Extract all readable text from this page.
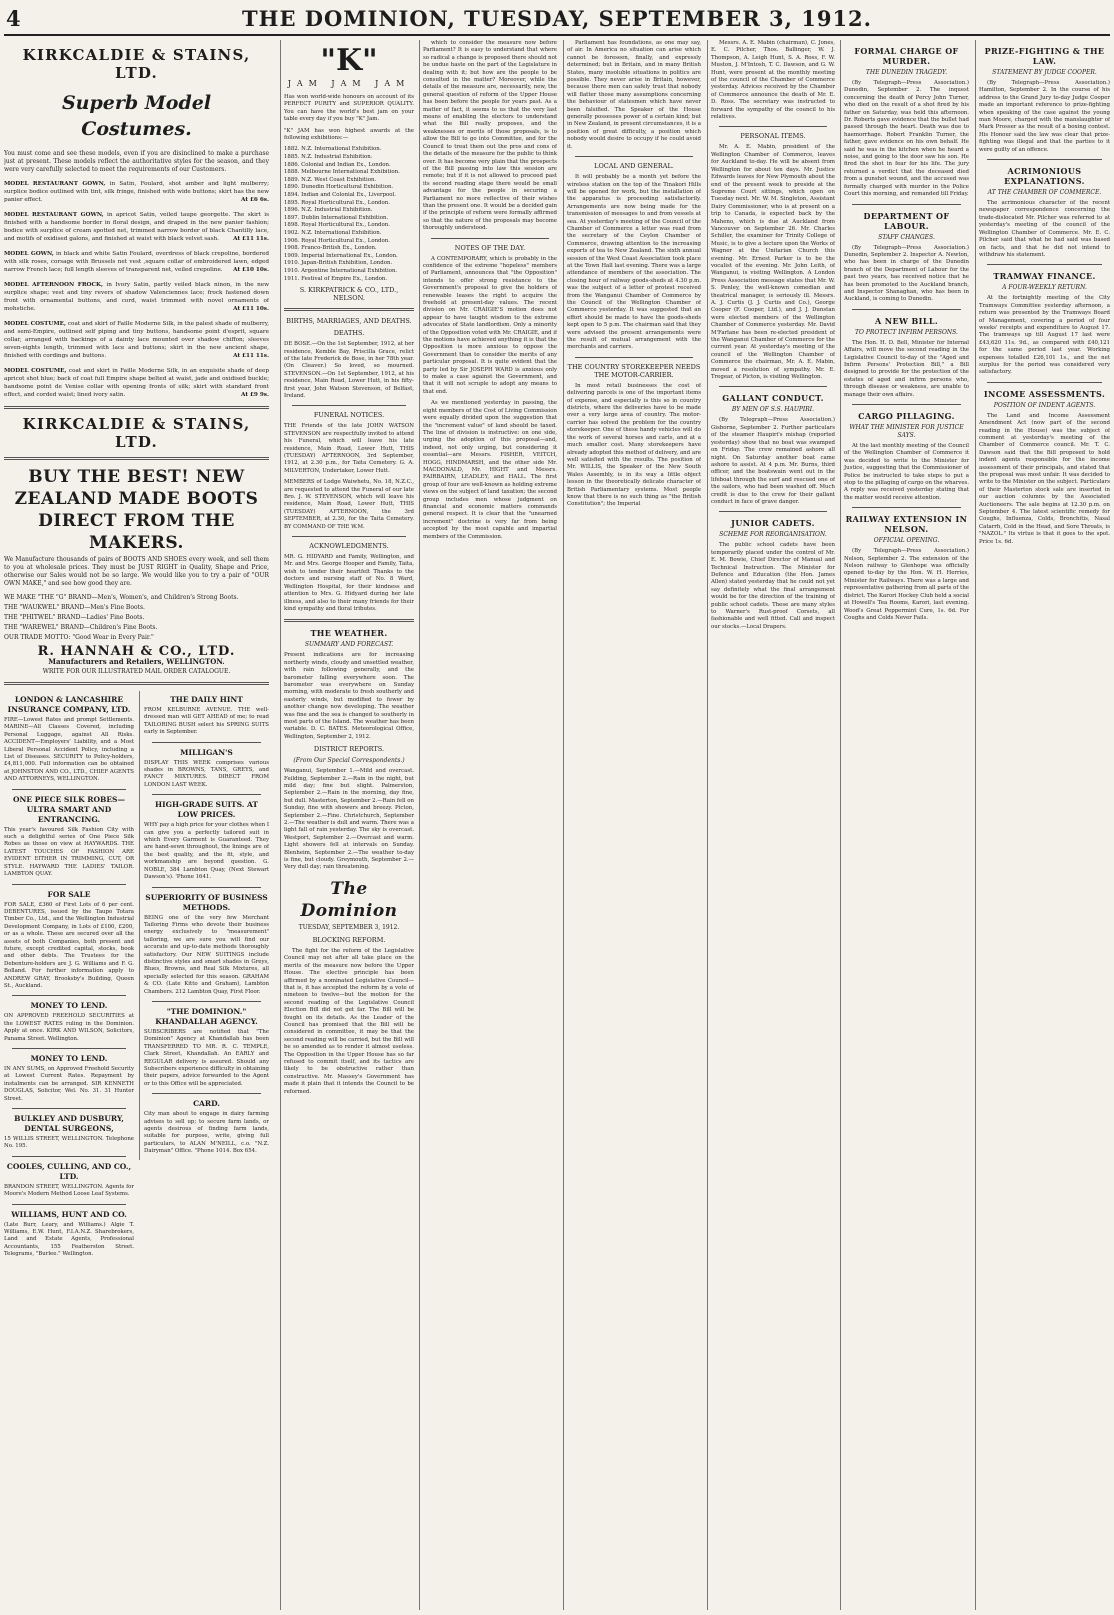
4	THE DOMINION, TUESDAY, SEPTEMBER 3, 1912.
KIRKCALDIE & STAINS, LTD.
Superb Model Costumes.
You must come and see these models, even if you are disinclined to make a purchase just at present. These models reflect the authoritative styles for the season, and they were very carefully selected to meet the requirements of our Customers.
MODEL RESTAURANT GOWN, in Satin, Foulard, shot amber and light mulberry; surplice bodice outlined with tint, silk fringe, finished with wide buttons; skirt has the new panier effect.	At £6 6s.
MODEL RESTAURANT GOWN, in apricot Satin, veiled taupe georgette. The skirt is finished with a handsome border in floral design, and draped in the new panier fashion; bodice with surplice of cream spotted net, trimmed narrow border of black Chantilly lace, and motifs of oxidised galons, and finished at waist with black velvet sash.	At £11 11s.
MODEL GOWN, in black and white Satin Foulard, overdress of black crepoline, bordered with silk roses, corsage with Brussels net vest ,square collar of embroidered lawn, edged narrow French lace; full length sleeves of transparent net, veiled crepoline.	At £10 10s.
MODEL AFTERNOON FROCK, in Ivory Satin, partly veiled black ninon, in the new surplice shape; vest and tiny revers of shadow Valenciennes lace; frock fastened down front with ornamental buttons, and cord, waist trimmed with novel ornaments of mohstiche.	At £11 10s.
MODEL COSTUME, coat and skirt of Faille Moderne Silk, in the palest shade of mulberry, and semi-Empire, outlined self piping and tiny buttons, handsome point d'esprit, square collar, arranged with backings of a dainty lace mounted over shadow chiffon; sleeves seven-eights length, trimmed with lace and buttons; skirt in the new ancient shape, finished with cordings and buttons.	At £11 11s.
MODEL COSTUME, coat and skirt in Faille Moderne Silk, in an exquisite shade of deep apricot shot blue; back of coat full Empire shape belted at waist, jade and oxidised buckle; handsome point de Venise collar with opening fronts of silk; skirt with standard front effect, and corded waist; lined ivory satin.	At £9 9s.
KIRKCALDIE & STAINS, LTD.
BUY THE BEST! NEW ZEALAND MADE BOOTS DIRECT FROM THE MAKERS.
We Manufacture thousands of pairs of BOOTS AND SHOES every week, and sell them to you at wholesale prices. They must be JUST RIGHT in Quality, Shape and Price, otherwise our Sales would not be so large. We would like you to try a pair of "OUR OWN MAKE," and see how good they are.
WE MAKE "THE "G" BRAND—Men's, Women's, and Children's Strong Boots.
THE "WAUKWEL" BRAND—Men's Fine Boots.
THE "PHITWEL" BRAND—Ladies' Fine Boots.
THE "WAREWEL" BRAND—Children's Fine Boots.
OUR TRADE MOTTO: "Good Wear in Every Pair."
R. HANNAH & CO., LTD.
Manufacturers and Retailers, WELLINGTON.
WRITE FOR OUR ILLUSTRATED MAIL ORDER CATALOGUE.
LONDON & LANCASHIRE INSURANCE COMPANY, LTD.
FIRE—Lowest Rates and prompt Settlements. MARINE—All Classes Covered, including Personal Luggage, against All Risks. ACCIDENT—Employers' Liability, and a Most Liberal Personal Accident Policy, including a List of Diseases. SECURITY to Policy-holders, £4,811,000. Full information can be obtained at JOHNSTON AND CO., LTD., CHIEF AGENTS AND ATTORNEYS, WELLINGTON.
ONE PIECE SILK ROBES— ULTRA SMART AND ENTRANCING.
This year's favoured Silk Fashion City with such a delightful series of One Piece Silk Robes as those on view at HAYWARDS. THE LATEST TOUCHES OF FASHION ARE EVIDENT EITHER IN TRIMMING, CUT, OR STYLE. HAYWARD THE LADIES' TAILOR. LAMBTON QUAY.
FOR SALE
FOR SALE, £360 of First Lots of 6 per cent. DEBENTURES, issued by the Taupo Totara Timber Co., Ltd., and the Wellington Industrial Development Company, in Lots of £100, £200, or as a whole. These are secured over all the assets of both Companies, both present and future, except credited capital, stocks, book and other debts. The Trustees for the Debenture-holders are J. G. Williams and F. G. Bolland. For further information apply to ANDREW GRAY, Brooksby's Building, Queen St., Auckland.
MONEY TO LEND.
ON APPROVED FREEHOLD SECURITIES at the LOWEST RATES ruling in the Dominion. Apply at once. KIRK AND WILSON, Solicitors, Panama Street. Wellington.
MONEY TO LEND.
IN ANY SUMS, on Approved Freehold Security at Lowest Current Rates. Repayment by instalments can be arranged. SIR KENNETH DOUGLAS, Solicitor, Wel. No. 31. 31 Hunter Street.
BULKLEY AND DUSBURY, DENTAL SURGEONS,
15 WILLIS STREET, WELLINGTON. Telephone No. 195.
COOLES, CULLING, AND CO., LTD.
BRANDON STREET, WELLINGTON. Agents for Moore's Modern Method Loose Leaf Systems.
WILLIAMS, HUNT AND CO.
(Late Burr, Leary, and Williams.) Algie T. Williams, E.W. Hunt, F.I.A.N.Z. Sharebrokers, Land and Estate Agents, Professional Accountants, 155 Featherston Street. Telegrams, "Burlee." Wellington.
THE DAILY HINT
FROM KELBURNE AVENUE. THE well-dressed man will GET AHEAD of me; to read TAILORING BUSH select his SPRING SUITS early in September.
MILLIGAN'S
DISPLAY THIS WEEK comprises various shades in BROWNS, TANS, GREYS, and FANCY MIXTURES. DIRECT FROM LONDON LAST WEEK.
HIGH-GRADE SUITS. AT LOW PRICES.
WHY pay a high price for your clothes when I can give you a perfectly tailored suit in which Every Garment is Guaranteed. They are hand-sewn throughout, the linings are of the best quality, and the fit, style, and workmanship are beyond question. G. NOBLE, 384 Lambton Quay, (Next Stewart Dawson's). 'Phone 1641.
SUPERIORITY OF BUSINESS METHODS.
BEING one of the very few Merchant Tailoring Firms who devote their business energy exclusively to "measurement" tailoring, we are sure you will find our accurate and up-to-date methods thoroughly satisfactory. Our NEW SUITINGS include distinctive styles and smart shades in Greys, Blues, Browns, and Real Silk Mixtures, all specially selected for this season. GRAHAM & CO. (Late Kitto and Graham), Lambton Chambers. 212 Lambton Quay, First Floor.
"THE DOMINION." KHANDALLAH AGENCY.
SUBSCRIBERS are notified that "The Dominion" Agency at Khandallah has been TRANSFERRED TO MR. R. C. TEMPLE, Clark Street, Khandallah. An EARLY and REGULAR delivery is assured. Should any Subscribers experience difficulty in obtaining their papers, advice forwarded to the Agent or to this Office will be appreciated.
CARD.
City man about to engage in dairy farming advises to sell up; to secure farm lands, or agents desirous of finding farm lands, suitable for purpose, write, giving full particulars, to ALAN M'NEILL, c.o. "N.Z. Dairyman" Office. "Phone 1014. Box 654.
"K"
JAM JAM JAM
Has won world-wide honours on account of its PERFECT PURITY and SUPERIOR QUALITY. You can have the world's best jam on your table every day if you buy "K" Jam.
"K" JAM has won highest awards at the following exhibitions:—
1882. N.Z. International Exhibition.
1885. N.Z. Industrial Exhibition.
1886. Colonial and Indian Ex., London.
1888. Melbourne International Exhibition.
1889. N.Z. West Coast Exhibition.
1890. Dunedin Horticultural Exhibition.
1894. Indian and Colonial Ex., Liverpool.
1895. Royal Horticultural Ex., London.
1896. N.Z. Industrial Exhibition.
1897. Dublin International Exhibition.
1898. Royal Horticultural Ex., London.
1902. N.Z. International Exhibition.
1906. Royal Horticultural Ex., London.
1908. Franco-British Ex., London.
1909. Imperial International Ex., London.
1910. Japan-British Exhibition, London.
1910. Argentine International Exhibition.
1911. Festival of Empire Ex., London.
S. KIRKPATRICK & CO., LTD., NELSON.
BIRTHS, MARRIAGES, AND DEATHS.
DEATHS.
DE BOSE.—On the 1st September, 1912, at her residence, Kemble Bay, Priscilla Grace, relict of the late Frederick de Bose, in her 78th year. (On Cleaver.) So loved, so mourned. STEVENSON.—On 1st September, 1912, at his residence, Main Road, Lower Hutt, in his fifty-first year, John Watson Stevenson, of Belfast, Ireland.
FUNERAL NOTICES.
THE Friends of the late JOHN WATSON STEVENSON are respectfully invited to attend his Funeral, which will leave his late residence, Main Road, Lower Hutt, THIS (TUESDAY) AFTERNOON, 3rd September, 1912, at 2.30 p.m., for Taita Cemetery. G. A. MILVERTON, Undertaker, Lower Hutt.
MEMBERS of Lodge Waiwhetu, No. 18, N.Z.C., are requested to attend the Funeral of our late Bro. J. W. STEVENSON, which will leave his residence, Main Road, Lower Hutt, THIS (TUESDAY) AFTERNOON, the 3rd SEPTEMBER, at 2.30, for the Taita Cemetery. BY COMMAND OF THE W.M.
ACKNOWLEDGMENTS.
MR. G. HIDYARD and Family, Wellington, and Mr. and Mrs. George Hooper and Family, Taita, wish to tender their heartfelt Thanks to the doctors and nursing staff of No. 8 Ward, Wellington Hospital, for their kindness and attention to Mrs. G. Hidyard during her late illness, and also to their many friends for their kind sympathy and floral tributes.
THE WEATHER.
SUMMARY AND FORECAST.
Present indications are for increasing northerly winds, cloudy and unsettled weather, with rain following generally, and the barometer falling everywhere soon. The barometer was everywhere on Sunday morning, with moderate to fresh southerly and easterly winds, but modified to fewer by another change now developing. The weather was fine and the sea is changed to southerly in most parts of the Island. The weather has been variable. D. C. BATES. Meteorological Office, Wellington, September 2, 1912.
DISTRICT REPORTS.
(From Our Special Correspondents.)
Wanganui, September 1.—Mild and overcast. Feilding, September 2.—Rain in the night, but mild day; fine but slight. Palmerston, September 2.—Rain in the morning, day fine, but dull. Masterton, September 2.—Rain fell on Sunday, fine with showers and breezy. Picton, September 2.—Fine. Christchurch, September 2.—The weather is dull and warm. There was a light fall of rain yesterday. The sky is overcast. Westport, September 2.—Overcast and warm. Light showers fell at intervals on Sunday. Blenheim, September 2.—The weather to-day is fine, but cloudy. Greymouth, September 2.—Very dull day; rain threatening.
The Dominion
TUESDAY, SEPTEMBER 3, 1912.
BLOCKING REFORM.
The fight for the reform of the Legislative Council may not after all take place on the merits of the measure now before the Upper House. The elective principle has been affirmed by a nominated Legislative Council—that is, it has accepted the reform by a vote of nineteen to twelve—but the motion for the second reading of the Legislative Council Election Bill did not get far. The Bill will be fought on its details. As the Leader of the Council has promised that the Bill will be considered in committee, it may be that the second reading will be carried, but the Bill will be so amended as to render it almost useless. The Opposition in the Upper House has so far refused to commit itself, and its tactics are likely to be obstructive rather than constructive. Mr. Massey's Government has made it plain that it intends the Council to be reformed.
which to consider the measure now before Parliament? It is easy to understand that where so radical a change is proposed there should not be undue haste on the part of the Legislature in dealing with it; but how are the people to be consulted in the matter? Moreover, while the details of the measure are, necessarily, new, the general question of reform of the Upper House has been before the people for years past. As a matter of fact, it seems to us that the very last means of enabling the electors to understand what the Bill really proposes, and the weaknesses or merits of those proposals, is to allow the Bill to go into Committee, and for the Council to treat them out the pros and cons of the details of the measure for the public to think over. It has become very plain that the prospects of the Bill passing into law this session are remote; but if it is not allowed to proceed past its second reading stage there would be small advantage for the people in securing a Parliament no more reflective of their wishes than the present one. It would be a decided gain if the principle of reform were formally affirmed so that the nature of the proposals may become thoroughly understood.
NOTES OF THE DAY.
A CONTEMPORARY, which is probably in the confidence of the extreme "hopeless" members of Parliament, announces that "the Opposition" intends to offer strong resistance to the Government's proposal to give the holders of renewable leases the right to acquire the freehold at present-day values. The recent division on Mr. CRAIGIE'S motion does not appear to have taught wisdom to the extreme advocates of State landlordism. Only a minority of the Opposition voted with Mr. CRAIGIE, and if the motions have achieved anything it is that the Opposition is more anxious to oppose the Government than to consider the merits of any particular proposal. It is quite evident that the party led by Sir JOSEPH WARD is anxious only to make a case against the Government, and that it will not scruple to adopt any means to that end.
As we mentioned yesterday in passing, the eight members of the Cost of Living Commission were equally divided upon the suggestion that the "increment value" of land should be taxed. The line of division is instructive: on one side, urging the adoption of this proposal—and, indeed, not only urging, but considering it essential—are Messrs. FISHER, VEITCH, HOGG, HINDMARSH, and the other side Mr. MACDONALD, Mr. HIGHT and Messrs. FAIRBAIRN, LEADLEY, and HALL. The first group of four are well-known as holding extreme views on the subject of land taxation; the second group includes men whose judgment on financial and economic matters commands general respect. It is clear that the "unearned increment" doctrine is very far from being accepted by the most capable and impartial members of the Commission.
Parliament has foundations, as one may say, of air. In America no situation can arise which cannot be foreseen, finally, and expressly determined; but in Britain, and in many British States, many insoluble situations in politics are possible. They never arise in Britain, however, because there men can safely trust that nobody will flatter those many assumptions concerning the behaviour of statesmen which have never been falsified. The Speaker of the House generally possesses power of a certain kind; but in New Zealand, in present circumstances, it is a position of great difficulty, a position which nobody would desire to occupy if he could avoid it.
LOCAL AND GENERAL.
It will probably be a month yet before the wireless station on the top of the Tinakori Hills will be opened for work, but the installation of the apparatus is proceeding satisfactorily. Arrangements are now being made for the transmission of messages to and from vessels at sea. At yesterday's meeting of the Council of the Chamber of Commerce a letter was read from the secretary of the Ceylon Chamber of Commerce, drawing attention to the increasing exports of tea to New Zealand. The sixth annual session of the West Coast Association took place at the Town Hall last evening. There was a large attendance of members of the association. The closing hour of railway goods-sheds at 4.30 p.m. was the subject of a letter of protest received from the Wanganui Chamber of Commerce by the Council of the Wellington Chamber of Commerce yesterday. It was suggested that an effort should be made to have the goods-sheds kept open to 5 p.m. The chairman said that they were advised the present arrangements were the result of mutual arrangement with the merchants and carriers.
THE COUNTRY STOREKEEPER NEEDS THE MOTOR-CARRIER.
In most retail businesses the cost of delivering parcels is one of the important items of expense, and especially is this so in country districts, where the deliveries have to be made over a very large area of country. The motor-carrier has solved the problem for the country storekeeper. One of these handy vehicles will do the work of several horses and carts, and at a much smaller cost. Many storekeepers have already adopted this method of delivery, and are well satisfied with the results. The position of Mr. WILLIS, the Speaker of the New South Wales Assembly, is in its way a little object lesson in the theoretically delicate character of British Parliamentary systems. Most people know that there is no such thing as "the British Constitution"; the Imperial
Messrs. A. E. Mabin (chairman), C. Jones, E. C. Pilcher, Thos. Ballinger, W. J. Thompson, A. Leigh Hunt, S. A. Ross, F. W. Muston, J. M'Intosh, T. C. Dawson, and G. W. Hunt, were present at the monthly meeting of the council of the Chamber of Commerce yesterday. Advices received by the Chamber of Commerce announce the death of Mr. E. D. Ross. The secretary was instructed to forward the sympathy of the council to his relatives.
PERSONAL ITEMS.
Mr. A. E. Mabin, president of the Wellington Chamber of Commerce, leaves for Auckland to-day. He will be absent from Wellington for about ten days. Mr. Justice Edwards leaves for New Plymouth about the end of the present week to preside at the Supreme Court sittings, which open on Tuesday next. Mr. W. M. Singleton, Assistant Dairy Commissioner, who is at present on a trip to Canada, is expected back by the Maheno, which is due at Auckland from Vancouver on September 26. Mr. Charles Schiller, the examiner for Trinity College of Music, is to give a lecture upon the Works of Wagner at the Unitarian Church this evening. Mr. Ernest Parker is to be the vocalist of the evening. Mr. John Leith, of Wanganui, is visiting Wellington. A London Press Association message states that Mr. W. S. Penley, the well-known comedian and theatrical manager, is seriously ill. Messrs. A. J. Curtis (J. J. Curtis and Co.), George Cooper (F. Cooper, Ltd.), and J. J. Dunstan were elected members of the Wellington Chamber of Commerce yesterday. Mr. David M'Farlane has been re-elected president of the Wanganui Chamber of Commerce for the current year. At yesterday's meeting of the council of the Wellington Chamber of Commerce the chairman, Mr. A. E. Mabin, moved a resolution of sympathy. Mr. E. Tregear, of Picton, is visiting Wellington.
GALLANT CONDUCT.
BY MEN OF S.S. HAUPIRI.
(By Telegraph—Press Association.) Gisborne, September 2. Further particulars of the steamer Haupiri's mishap (reported yesterday) show that no boat was swamped on Friday. The crew remained ashore all night. On Saturday another boat came ashore to assist. At 4 p.m. Mr. Burns, third officer, and the boatswain went out in the lifeboat through the surf and rescued one of the sailors, who had been washed off. Much credit is due to the crew for their gallant conduct in face of grave danger.
JUNIOR CADETS.
SCHEME FOR REORGANISATION.
The public school cadets have been temporarily placed under the control of Mr. E. M. Bowie, Chief Director of Manual and Technical Instruction. The Minister for Defence and Education (the Hon. James Allen) stated yesterday that he could not yet say definitely what the final arrangement would be for the direction of the training of public school cadets. These are many styles to Warner's Rust-proof Corsets, all fashionable and well fitted. Call and inspect our stocks.—Local Drapers.
FORMAL CHARGE OF MURDER.
THE DUNEDIN TRAGEDY.
(By Telegraph—Press Association.) Dunedin, September 2. The inquest concerning the death of Percy John Turner, who died on the result of a shot fired by his father on Saturday, was held this afternoon. Dr. Roberts gave evidence that the bullet had passed through the heart. Death was due to haemorrhage. Robert Franklin Turner, the father, gave evidence on his own behalf. He said he was in the kitchen when he heard a noise, and going to the door saw his son. He fired the shot in fear for his life. The jury returned a verdict that the deceased died from a gunshot wound, and the accused was formally charged with murder in the Police Court this morning, and remanded till Friday.
DEPARTMENT OF LABOUR.
STAFF CHANGES.
(By Telegraph—Press Association.) Dunedin, September 2. Inspector A. Newton, who has been in charge of the Dunedin branch of the Department of Labour for the past two years, has received notice that he has been promoted to the Auckland branch, and Inspector Shanaghan, who has been in Auckland, is coming to Dunedin.
A NEW BILL.
TO PROTECT INFIRM PERSONS.
The Hon. H. D. Bell, Minister for Internal Affairs, will move the second reading in the Legislative Council to-day of the "Aged and Infirm Persons' Protection Bill," a Bill designed to provide for the protection of the estates of aged and infirm persons who, through disease or weakness, are unable to manage their own affairs.
CARGO PILLAGING.
WHAT THE MINISTER FOR JUSTICE SAYS.
At the last monthly meeting of the Council of the Wellington Chamber of Commerce it was decided to write to the Minister for Justice, suggesting that the Commissioner of Police be instructed to take steps to put a stop to the pillaging of cargo on the wharves. A reply was received yesterday stating that the matter would receive attention.
RAILWAY EXTENSION IN NELSON.
OFFICIAL OPENING.
(By Telegraph—Press Association.) Nelson, September 2. The extension of the Nelson railway to Glenhope was officially opened to-day by the Hon. W. H. Herries, Minister for Railways. There was a large and representative gathering from all parts of the district. The Karori Hockey Club held a social at Howell's Tea Rooms, Karori, last evening. Wood's Great Peppermint Cure, 1s. 6d. For Coughs and Colds Never Fails.
PRIZE-FIGHTING & THE LAW.
STATEMENT BY JUDGE COOPER.
(By Telegraph—Press Association.) Hamilton, September 2. In the course of his address to the Grand Jury to-day Judge Cooper made an important reference to prize-fighting when speaking of the case against the young man Moore, charged with the manslaughter of Mark Prosser as the result of a boxing contest. His Honour said the law was clear that prize-fighting was illegal and that the parties to it were guilty of an offence.
ACRIMONIOUS EXPLANATIONS.
AT THE CHAMBER OF COMMERCE.
The acrimonious character of the recent newspaper correspondence concerning the trade-dislocated Mr. Pilcher was referred to at yesterday's meeting of the council of the Wellington Chamber of Commerce. Mr. E. C. Pilcher said that what he had said was based on facts, and that he did not intend to withdraw his statement.
TRAMWAY FINANCE.
A FOUR-WEEKLY RETURN.
At the fortnightly meeting of the City Tramways Committee yesterday afternoon, a return was presented by the Tramways Board of Management, covering a period of four weeks' receipts and expenditure to August 17. The tramways up till August 17 last were £43,620 11s. 9d., as compared with £40,121 for the same period last year. Working expenses totalled £26,101 1s., and the net surplus for the period was considered very satisfactory.
INCOME ASSESSMENTS.
POSITION OF INDENT AGENTS.
The Land and Income Assessment Amendment Act (now part of the second reading in the House) was the subject of comment at yesterday's meeting of the Chamber of Commerce council. Mr. T. C. Dawson said that the Bill proposed to hold indent agents responsible for the income assessment of their principals, and stated that the proposal was most unfair. It was decided to write to the Minister on the subject. Particulars of their Masterton stock sale are inserted in our auction columns by the Associated Auctioneers. The sale begins at 12.30 p.m. on September 4. The latest scientific remedy for Coughs, Influenza, Colds, Bronchitis, Nasal Catarrh, Cold in the Head, and Sore Throats, is "NAZOL." Its virtue is that it goes to the spot. Price 1s. 6d.
